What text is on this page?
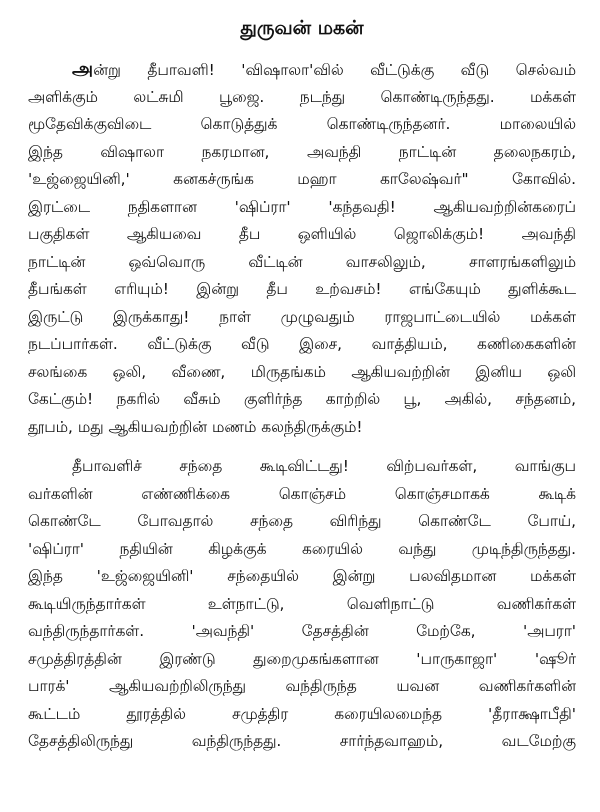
துருவன் மகன்
அன்று தீபாவளி! 'விஷாலா'வில் வீட்டுக்கு வீடு செல்வம்
அளிக்கும் லட்சுமி பூஜை. நடந்து கொண்டிருந்தது. மக்கள்
மூதேவிக்குவிடை கொடுத்துக் கொண்டிருந்தனர். மாலையில்
இந்த விஷாலா நகரமான, அவந்தி நாட்டின் தலைநகரம்,
'உஜ்ஜையினி,' கனகச்ருங்க மஹா காலேஷ்வர்" கோவில்.
இரட்டை நதிகளான 'ஷிப்ரா' 'கந்தவதி! ஆகியவற்றின்கரைப்
பகுதிகள் ஆகியவை தீப ஒளியில் ஜொலிக்கும்! அவந்தி
நாட்டின் ஒவ்வொரு வீட்டின் வாசலிலும், சாளரங்களிலும்
தீபங்கள் எரியும்! இன்று தீப உற்வசம்! எங்கேயும் துளிக்கூட
இருட்டு இருக்காது! நாள் முழுவதும் ராஜபாட்டையில் மக்கள்
நடப்பார்கள். வீட்டுக்கு வீடு இசை, வாத்தியம், கணிகைகளின்
சலங்கை ஒலி, வீணை, மிருதங்கம் ஆகியவற்றின் இனிய ஒலி
கேட்கும்! நகரில் வீசும் குளிர்ந்த காற்றில் பூ, அகில், சந்தனம்,
தூபம், மது ஆகியவற்றின் மணம் கலந்திருக்கும்!
தீபாவளிச் சந்தை கூடிவிட்டது! விற்பவர்கள், வாங்குப
வர்களின் எண்ணிக்கை கொஞ்சம் கொஞ்சமாகக் கூடிக்
கொண்டே போவதால் சந்தை விரிந்து கொண்டே போய்,
'ஷிப்ரா' நதியின் கிழக்குக் கரையில் வந்து முடிந்திருந்தது.
இந்த 'உஜ்ஜையினி' சந்தையில் இன்று பலவிதமான மக்கள்
கூடியிருந்தார்கள் உள்நாட்டு, வெளிநாட்டு வணிகர்கள்
வந்திருந்தார்கள். 'அவந்தி' தேசத்தின் மேற்கே, 'அபரா'
சமுத்திரத்தின் இரண்டு துறைமுகங்களான 'பாருகாஜா' 'ஷூர்
பாரக்' ஆகியவற்றிலிருந்து வந்திருந்த யவன வணிகர்களின்
கூட்டம் தூரத்தில் சமுத்திர கரையிலமைந்த 'தீராக்ஷாபீதி'
தேசத்திலிருந்து வந்திருந்தது. சார்ந்தவாஹம், வடமேற்கு
